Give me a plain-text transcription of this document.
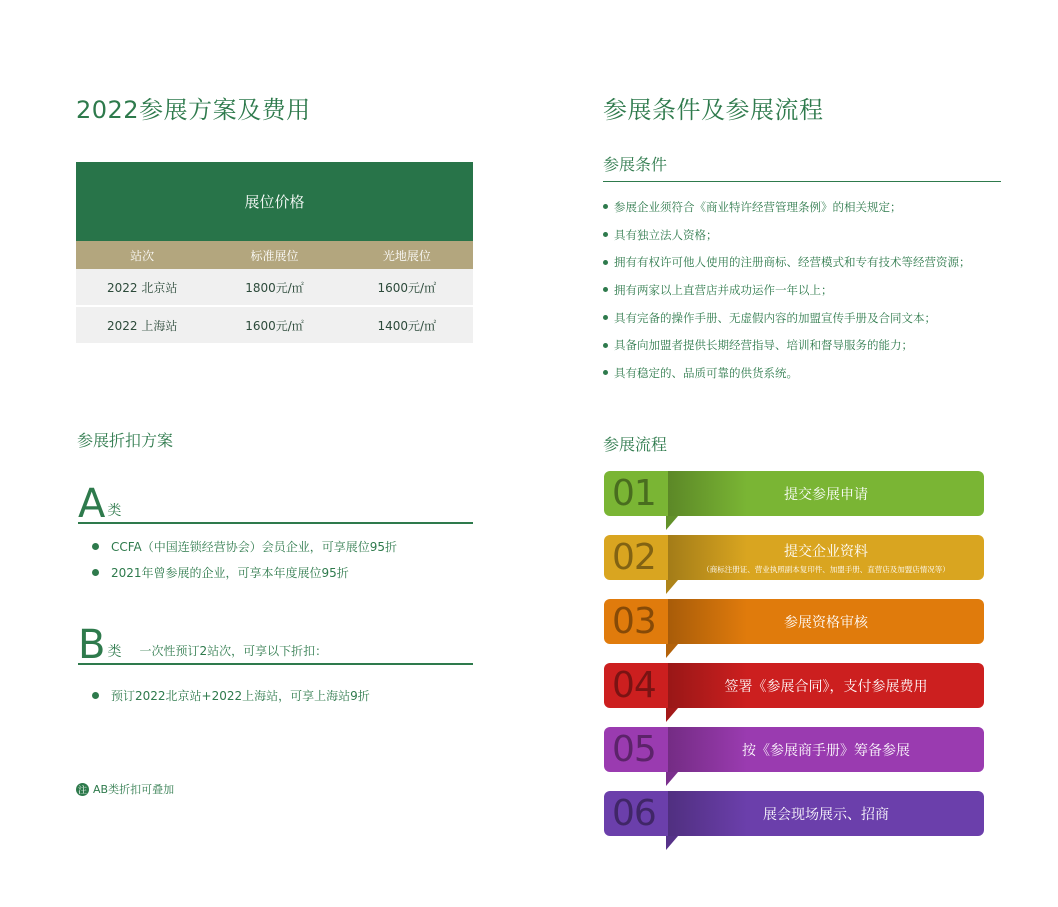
2022参展方案及费用
展位价格
站次	标准展位	光地展位
2022 北京站	1800元/㎡	1600元/㎡
2022 上海站	1600元/㎡	1400元/㎡
参展折扣方案
A 类
CCFA（中国连锁经营协会）会员企业，可享展位95折
2021年曾参展的企业，可享本年度展位95折
B 类 一次性预订2站次，可享以下折扣：
预订2022北京站+2022上海站，可享上海站9折
注 AB类折扣可叠加
参展条件及参展流程
参展条件
参展企业须符合《商业特许经营管理条例》的相关规定；
具有独立法人资格；
拥有有权许可他人使用的注册商标、经营模式和专有技术等经营资源；
拥有两家以上直营店并成功运作一年以上；
具有完备的操作手册、无虚假内容的加盟宣传手册及合同文本；
具备向加盟者提供长期经营指导、培训和督导服务的能力；
具有稳定的、品质可靠的供货系统。
参展流程
01	提交参展申请
02	提交企业资料
（商标注册证、营业执照副本复印件、加盟手册、直营店及加盟店情况等）
03	参展资格审核
04	签署《参展合同》，支付参展费用
05	按《参展商手册》筹备参展
06	展会现场展示、招商
